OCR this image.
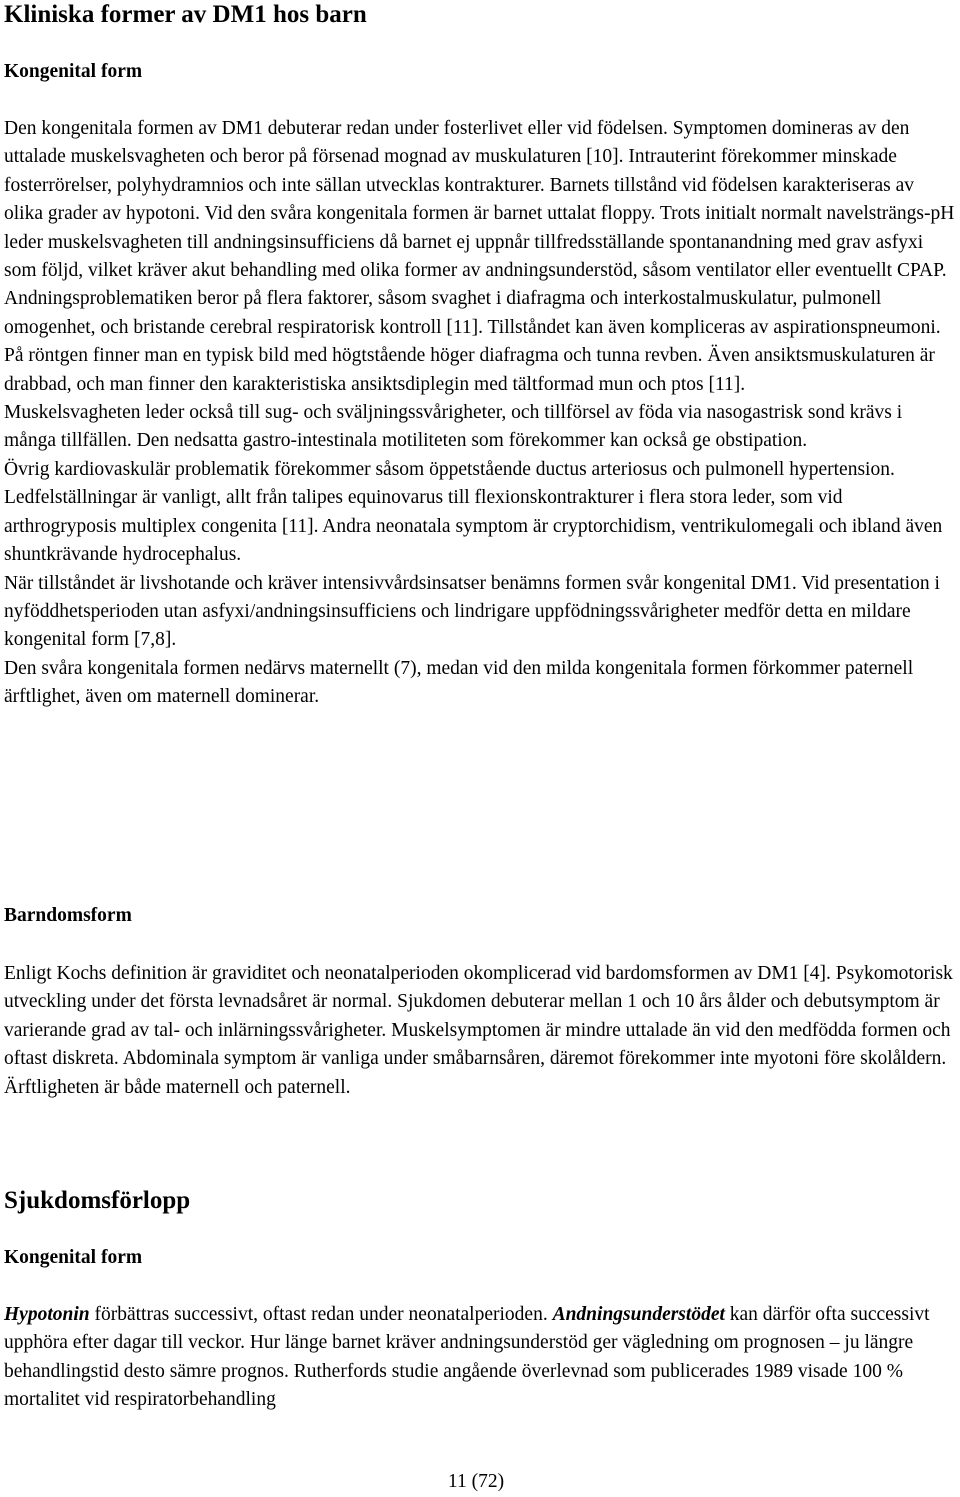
Kliniska former av DM1 hos barn
Kongenital form

Den kongenitala formen av DM1 debuterar redan under fosterlivet eller vid födelsen. Symptomen domineras av den uttalade muskelsvagheten och beror på försenad mognad av muskulaturen [10]. Intrauterint förekommer minskade fosterrörelser, polyhydramnios och inte sällan utvecklas kontrakturer. Barnets tillstånd vid födelsen karakteriseras av olika grader av hypotoni. Vid den svåra kongenitala formen är barnet uttalat floppy. Trots initialt normalt navelsträngs-pH leder muskelsvagheten till andningsinsufficiens då barnet ej uppnår tillfredsställande spontanandning med grav asfyxi som följd, vilket kräver akut behandling med olika former av andningsunderstöd, såsom ventilator eller eventuellt CPAP.

Andningsproblematiken beror på flera faktorer, såsom svaghet i diafragma och interkostalmuskulatur, pulmonell omogenhet, och bristande cerebral respiratorisk kontroll [11]. Tillståndet kan även kompliceras av aspirationspneumoni. På röntgen finner man en typisk bild med högtstående höger diafragma och tunna revben. Även ansiktsmuskulaturen är drabbad, och man finner den karakteristiska ansiktsdiplegin med tältformad mun och ptos [11].

Muskelsvagheten leder också till sug- och sväljningssvårigheter, och tillförsel av föda via nasogastrisk sond krävs i många tillfällen. Den nedsatta gastro-intestinala motiliteten som förekommer kan också ge obstipation.

Övrig kardiovaskulär problematik förekommer såsom öppetstående ductus arteriosus och pulmonell hypertension. Ledfelställningar är vanligt, allt från talipes equinovarus till flexionskontrakturer i flera stora leder, som vid arthrogryposis multiplex congenita [11]. Andra neonatala symptom är cryptorchidism, ventrikulomegali och ibland även shuntkrävande hydrocephalus.

När tillståndet är livshotande och kräver intensivvårdsinsatser benämns formen svår kongenital DM1. Vid presentation i nyföddhetsperioden utan asfyxi/andningsinsufficiens och lindrigare uppfödningssvårigheter medför detta en mildare kongenital form [7,8].

Den svåra kongenitala formen nedärvs maternellt (7), medan vid den milda kongenitala formen förkommer paternell ärftlighet, även om maternell dominerar.

Barndomsform

Enligt Kochs definition är graviditet och neonatalperioden okomplicerad vid bardomsformen av DM1 [4]. Psykomotorisk utveckling under det första levnadsåret är normal. Sjukdomen debuterar mellan 1 och 10 års ålder och debutsymptom är varierande grad av tal- och inlärningssvårigheter. Muskelsymptomen är mindre uttalade än vid den medfödda formen och oftast diskreta. Abdominala symptom är vanliga under småbarnsåren, däremot förekommer inte myotoni före skolåldern.

Ärftligheten är både maternell och paternell.

Sjukdomsförlopp
Kongenital form

Hypotonin förbättras successivt, oftast redan under neonatalperioden. Andningsunderstödet kan därför ofta successivt upphöra efter dagar till veckor. Hur länge barnet kräver andningsunderstöd ger vägledning om prognosen – ju längre behandlingstid desto sämre prognos. Rutherfords studie angående överlevnad som publicerades 1989 visade 100 % mortalitet vid respiratorbehandling

11 (72)
